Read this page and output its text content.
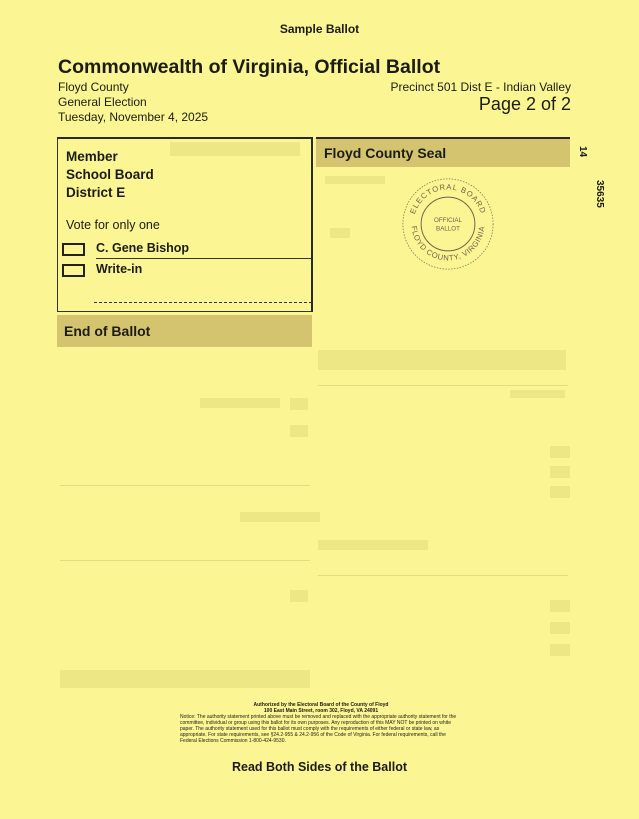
Sample Ballot
Commonwealth of Virginia, Official Ballot
Floyd County
General Election
Tuesday, November 4, 2025
Precinct 501 Dist E - Indian Valley
Page 2 of 2
Member
School Board
District E
Vote for only one
C. Gene Bishop
Write-in
End of Ballot
Floyd County Seal
ELECTORAL BOARD
FLOYD COUNTY, VIRGINIA
OFFICIAL
BALLOT
14
35635
Authorized by the Electoral Board of the County of Floyd
100 East Main Street, room 302, Floyd, VA 24091
Notice: The authority statement printed above must be removed and replaced with the appropriate authority statement for the committee, individual or group using this ballot for its own purposes. Any reproduction of this MAY NOT be printed on white paper. The authority statement used for this ballot must comply with the requirements of either federal or state law, as appropriate. For state requirements, see §24.2-955 & 24.2-956 of the Code of Virginia. For federal requirements, call the Federal Elections Commission 1-800-424-9530.
Read Both Sides of the Ballot
